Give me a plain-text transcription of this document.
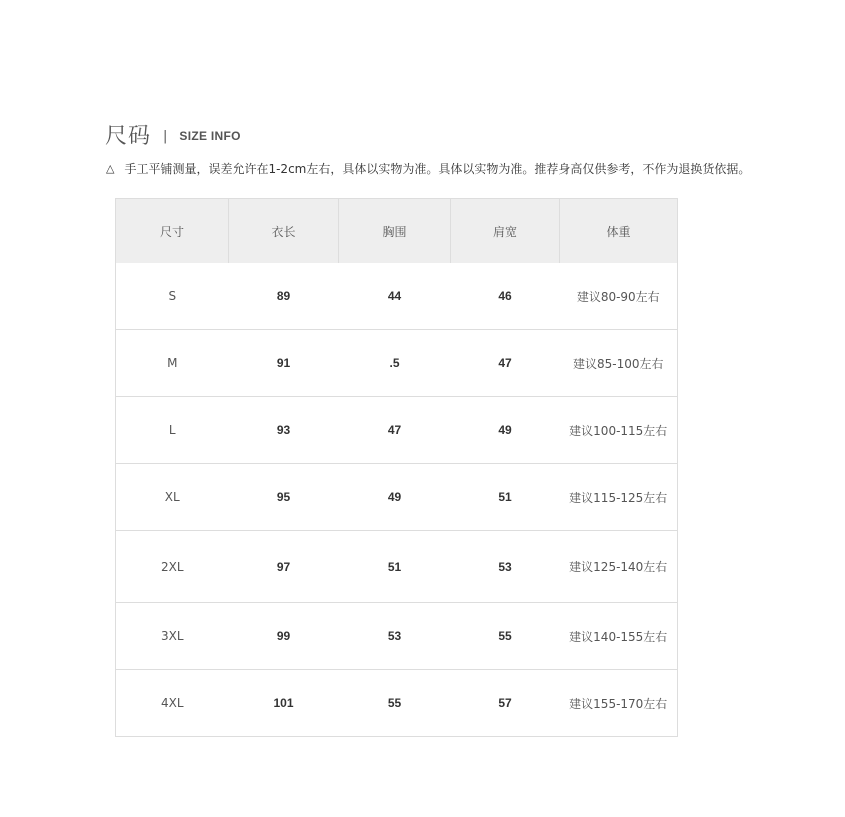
尺码 | SIZE INFO
△ 手工平铺测量，误差允许在1-2cm左右，具体以实物为准。具体以实物为准。推荐身高仅供参考，不作为退换货依据。
尺寸	衣长	胸围	肩宽	体重
S	89	44	46	建议80-90左右
M	91	.5	47	建议85-100左右
L	93	47	49	建议100-115左右
XL	95	49	51	建议115-125左右
2XL	97	51	53	建议125-140左右
3XL	99	53	55	建议140-155左右
4XL	101	55	57	建议155-170左右
